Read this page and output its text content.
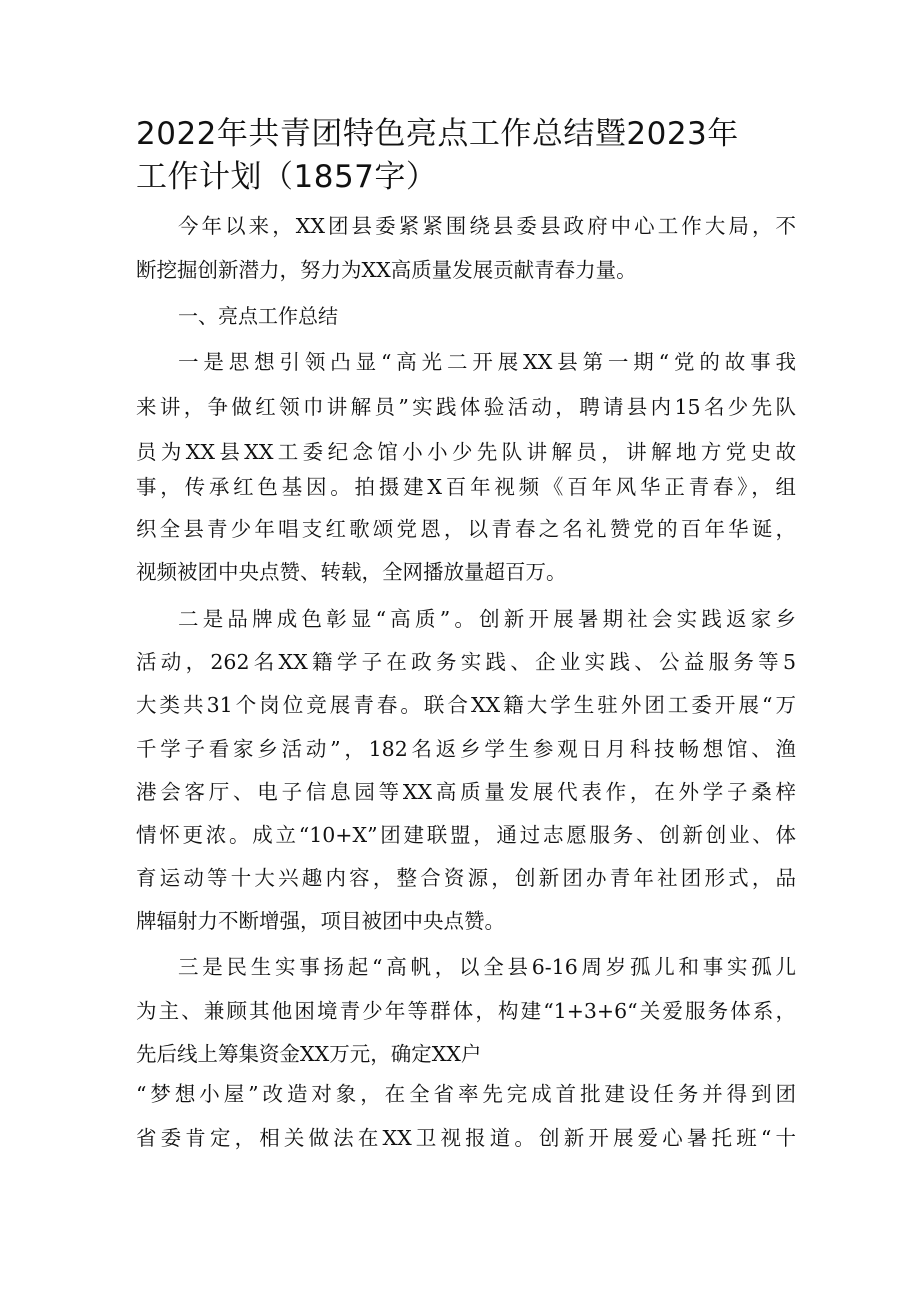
2022年共青团特色亮点工作总结暨2023年
工作计划（1857字）
今年以来，XX团县委紧紧围绕县委县政府中心工作大局，不
断挖掘创新潜力，努力为XX高质量发展贡献青春力量。
一、亮点工作总结
一是思想引领凸显“高光二开展XX县第一期“党的故事我
来讲，争做红领巾讲解员”实践体验活动，聘请县内15名少先队
员为XX县XX工委纪念馆小小少先队讲解员，讲解地方党史故
事，传承红色基因。拍摄建X百年视频《百年风华正青春》，组
织全县青少年唱支红歌颂党恩，以青春之名礼赞党的百年华诞，
视频被团中央点赞、转载，全网播放量超百万。
二是品牌成色彰显“高质”。创新开展暑期社会实践返家乡
活动，262名XX籍学子在政务实践、企业实践、公益服务等5
大类共31个岗位竞展青春。联合XX籍大学生驻外团工委开展“万
千学子看家乡活动”，182名返乡学生参观日月科技畅想馆、渔
港会客厅、电子信息园等XX高质量发展代表作，在外学子桑梓
情怀更浓。成立“10+X”团建联盟，通过志愿服务、创新创业、体
育运动等十大兴趣内容，整合资源，创新团办青年社团形式，品
牌辐射力不断增强，项目被团中央点赞。
三是民生实事扬起“高帆，以全县6-16周岁孤儿和事实孤儿
为主、兼顾其他困境青少年等群体，构建“1+3+6“关爱服务体系，
先后线上筹集资金XX万元，确定XX户
“梦想小屋”改造对象，在全省率先完成首批建设任务并得到团
省委肯定，相关做法在XX卫视报道。创新开展爱心暑托班“十
